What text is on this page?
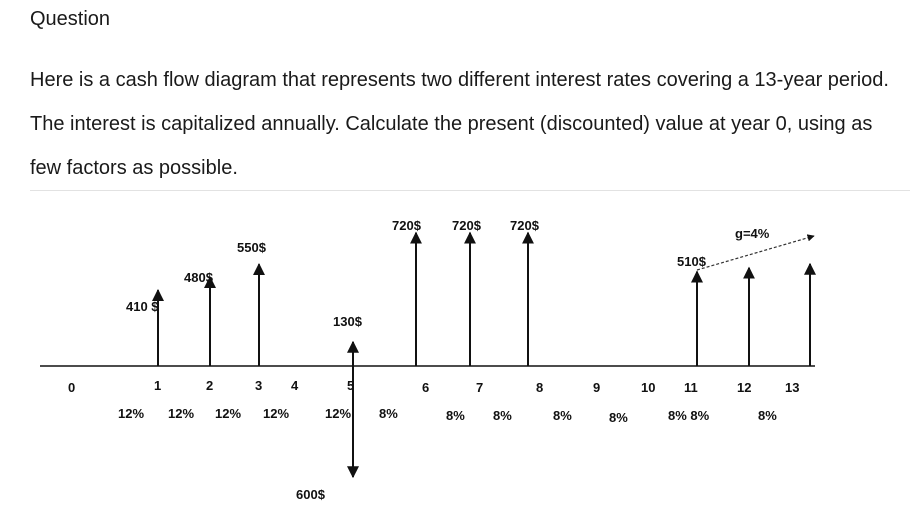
Question
Here is a cash flow diagram that represents two different interest rates covering a 13-year period. The interest is capitalized annually. Calculate the present (discounted) value at year 0, using as few factors as possible.
g=4%
0	1	2	3 4	5	6	7	8	9	10 11	12	13
12% 12% 12% 12%	12% 8%	8% 8%	8%	8%	8% 8%	8%
410 $
480$
550$
130$
600$
720$ 720$ 720$
510$
